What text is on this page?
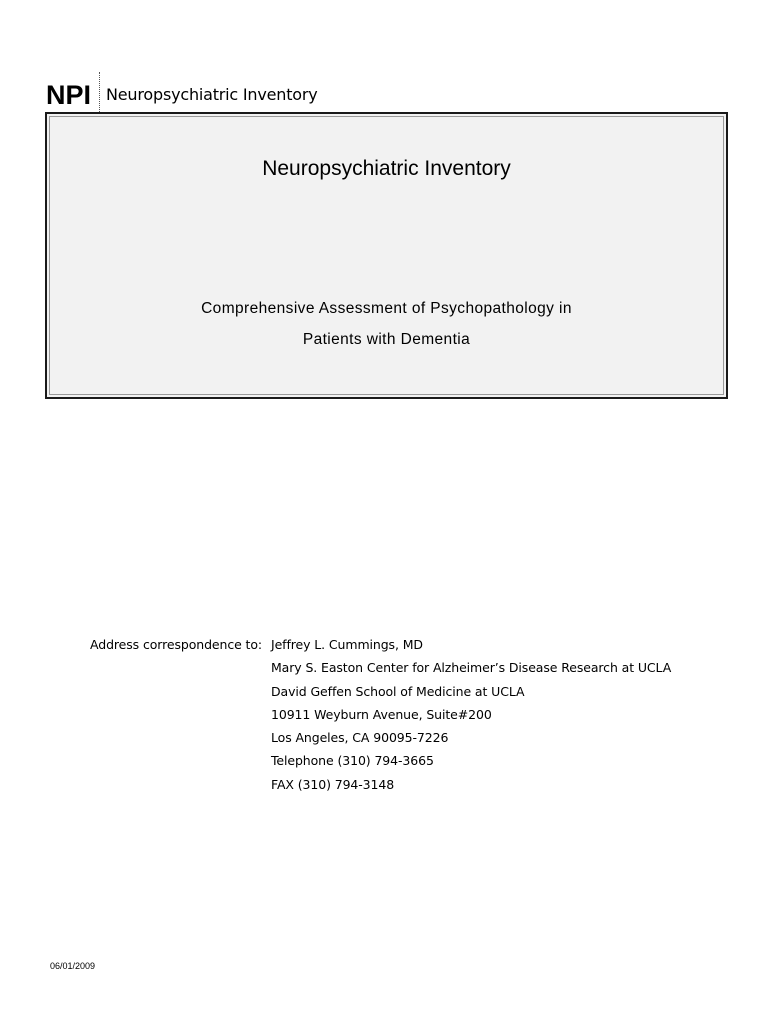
NPI Neuropsychiatric Inventory
Neuropsychiatric Inventory
Comprehensive Assessment of Psychopathology in
Patients with Dementia
Address correspondence to: Jeffrey L. Cummings, MD
Mary S. Easton Center for Alzheimer’s Disease Research at UCLA
David Geffen School of Medicine at UCLA
10911 Weyburn Avenue, Suite#200
Los Angeles, CA 90095-7226
Telephone (310) 794-3665
FAX (310) 794-3148
06/01/2009
